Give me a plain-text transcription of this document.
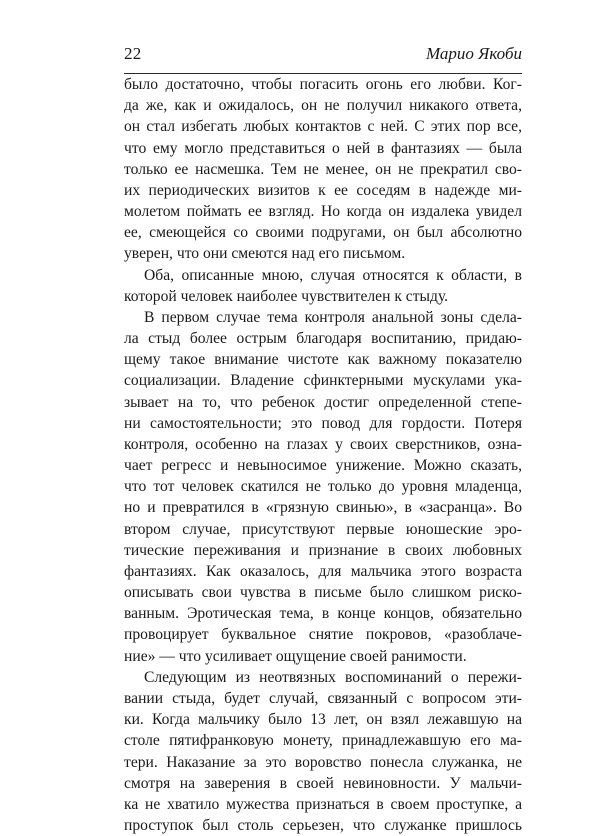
22	Марио Якоби
было достаточно, чтобы погасить огонь его любви. Ког-
да же, как и ожидалось, он не получил никакого ответа,
он стал избегать любых контактов с ней. С этих пор все,
что ему могло представиться о ней в фантазиях — была
только ее насмешка. Тем не менее, он не прекратил сво-
их периодических визитов к ее соседям в надежде ми-
молетом поймать ее взгляд. Но когда он издалека увидел
ее, смеющейся со своими подругами, он был абсолютно
уверен, что они смеются над его письмом.
Оба, описанные мною, случая относятся к области, в
которой человек наиболее чувствителен к стыду.
В первом случае тема контроля анальной зоны сдела-
ла стыд более острым благодаря воспитанию, придаю-
щему такое внимание чистоте как важному показателю
социализации. Владение сфинктерными мускулами ука-
зывает на то, что ребенок достиг определенной степе-
ни самостоятельности; это повод для гордости. Потеря
контроля, особенно на глазах у своих сверстников, озна-
чает регресс и невыносимое унижение. Можно сказать,
что тот человек скатился не только до уровня младенца,
но и превратился в «грязную свинью», в «засранца». Во
втором случае, присутствуют первые юношеские эро-
тические переживания и признание в своих любовных
фантазиях. Как оказалось, для мальчика этого возраста
описывать свои чувства в письме было слишком риско-
ванным. Эротическая тема, в конце концов, обязательно
провоцирует буквальное снятие покровов, «разоблаче-
ние» — что усиливает ощущение своей ранимости.
Следующим из неотвязных воспоминаний о пережи-
вании стыда, будет случай, связанный с вопросом эти-
ки. Когда мальчику было 13 лет, он взял лежавшую на
столе пятифранковую монету, принадлежавшую его ма-
тери. Наказание за это воровство понесла служанка, не
смотря на заверения в своей невиновности. У мальчи-
ка не хватило мужества признаться в своем проступке, а
проступок был столь серьезен, что служанке пришлось
